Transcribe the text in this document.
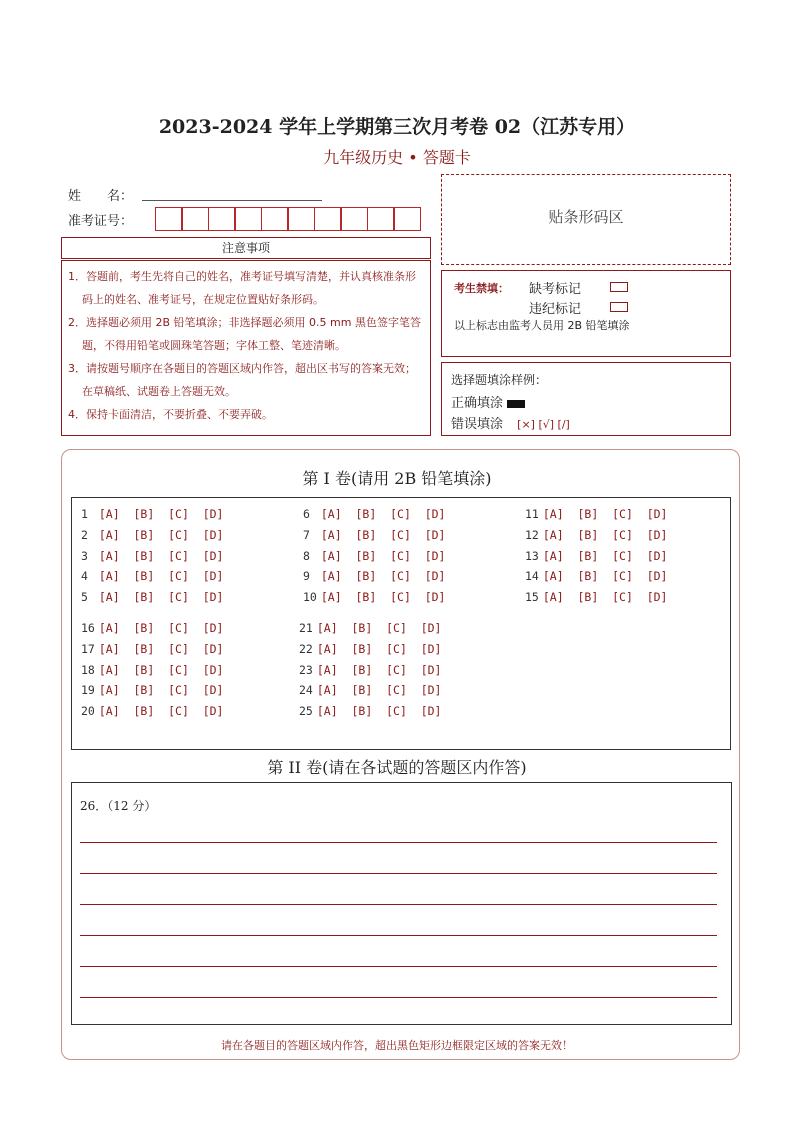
2023-2024 学年上学期第三次月考卷 02（江苏专用）
九年级历史 • 答题卡
姓　　名：
准考证号：	贴条形码区
注意事项

1．答题前，考生先将自己的姓名，准考证号填写清楚，并认真核准条形码上的姓名、准考证号，在规定位置贴好条形码。

2．选择题必须用 2B 铅笔填涂；非选择题必须用 0.5 mm 黑色签字笔答题，不得用铅笔或圆珠笔答题；字体工整、笔迹清晰。

3．请按题号顺序在各题目的答题区域内作答，超出区书写的答案无效；在草稿纸、试题卷上答题无效。

4．保持卡面清洁，不要折叠、不要弄破。

考生禁填： 缺考标记
违纪标记
以上标志由监考人员用 2B 铅笔填涂
选择题填涂样例：
正确填涂
错误填涂 [×] [√] [/]
第 I 卷(请用 2B 铅笔填涂)
1 [A]  [B]  [C]  [D]
2 [A]  [B]  [C]  [D]
3 [A]  [B]  [C]  [D]
4 [A]  [B]  [C]  [D]
5 [A]  [B]  [C]  [D]
6 [A]  [B]  [C]  [D]
7 [A]  [B]  [C]  [D]
8 [A]  [B]  [C]  [D]
9 [A]  [B]  [C]  [D]
10 [A]  [B]  [C]  [D]
11 [A]  [B]  [C]  [D]
12 [A]  [B]  [C]  [D]
13 [A]  [B]  [C]  [D]
14 [A]  [B]  [C]  [D]
15 [A]  [B]  [C]  [D]
16 [A]  [B]  [C]  [D]
17 [A]  [B]  [C]  [D]
18 [A]  [B]  [C]  [D]
19 [A]  [B]  [C]  [D]
20 [A]  [B]  [C]  [D]
21 [A]  [B]  [C]  [D]
22 [A]  [B]  [C]  [D]
23 [A]  [B]  [C]  [D]
24 [A]  [B]  [C]  [D]
25 [A]  [B]  [C]  [D]
第 II 卷(请在各试题的答题区内作答)
26．（12 分）
请在各题目的答题区域内作答，超出黑色矩形边框限定区域的答案无效！
